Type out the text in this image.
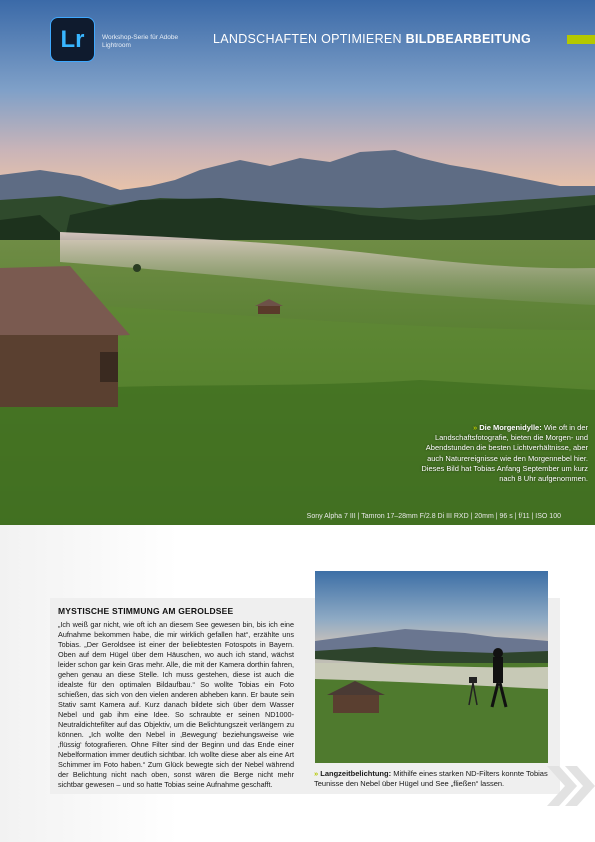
Lr	Workshop-Serie für Adobe Lightroom	LANDSCHAFTEN OPTIMIEREN BILDBEARBEITUNG
» Die Morgenidylle: Wie oft in der Landschaftsfotografie, bieten die Morgen- und Abendstunden die besten Lichtverhältnisse, aber auch Naturereignisse wie den Morgennebel hier. Dieses Bild hat Tobias Anfang September um kurz nach 8 Uhr aufgenommen.
Sony Alpha 7 III | Tamron 17–28mm F/2.8 Di III RXD | 20mm | 96 s | f/11 | ISO 100
MYSTISCHE STIMMUNG AM GEROLDSEE

„Ich weiß gar nicht, wie oft ich an diesem See gewesen bin, bis ich eine Aufnahme bekommen habe, die mir wirklich gefallen hat“, erzählte uns Tobias. „Der Geroldsee ist einer der beliebtesten Fotospots in Bayern. Oben auf dem Hügel über dem Häuschen, wo auch ich stand, wächst leider schon gar kein Gras mehr. Alle, die mit der Kamera dorthin fahren, gehen genau an diese Stelle. Ich muss gestehen, diese ist auch die idealste für den optimalen Bildaufbau.“ So wollte Tobias ein Foto schießen, das sich von den vielen anderen abheben kann. Er baute sein Stativ samt Kamera auf. Kurz danach bildete sich über dem Wasser Nebel und gab ihm eine Idee. So schraubte er seinen ND1000-Neutraldichtefilter auf das Objektiv, um die Belichtungszeit verlängern zu können. „Ich wollte den Nebel in ‚Bewegung‘ beziehungsweise wie ‚flüssig‘ fotografieren. Ohne Filter sind der Beginn und das Ende einer Nebelformation immer deutlich sichtbar. Ich wollte diese aber als eine Art Schimmer im Foto haben.“ Zum Glück bewegte sich der Nebel während der Belichtung nicht nach oben, sonst wären die Berge nicht mehr sichtbar gewesen – und so hatte Tobias seine Aufnahme geschafft.

» Langzeitbelichtung: Mithilfe eines starken ND-Filters konnte Tobias Teunisse den Nebel über Hügel und See „fließen“ lassen.
